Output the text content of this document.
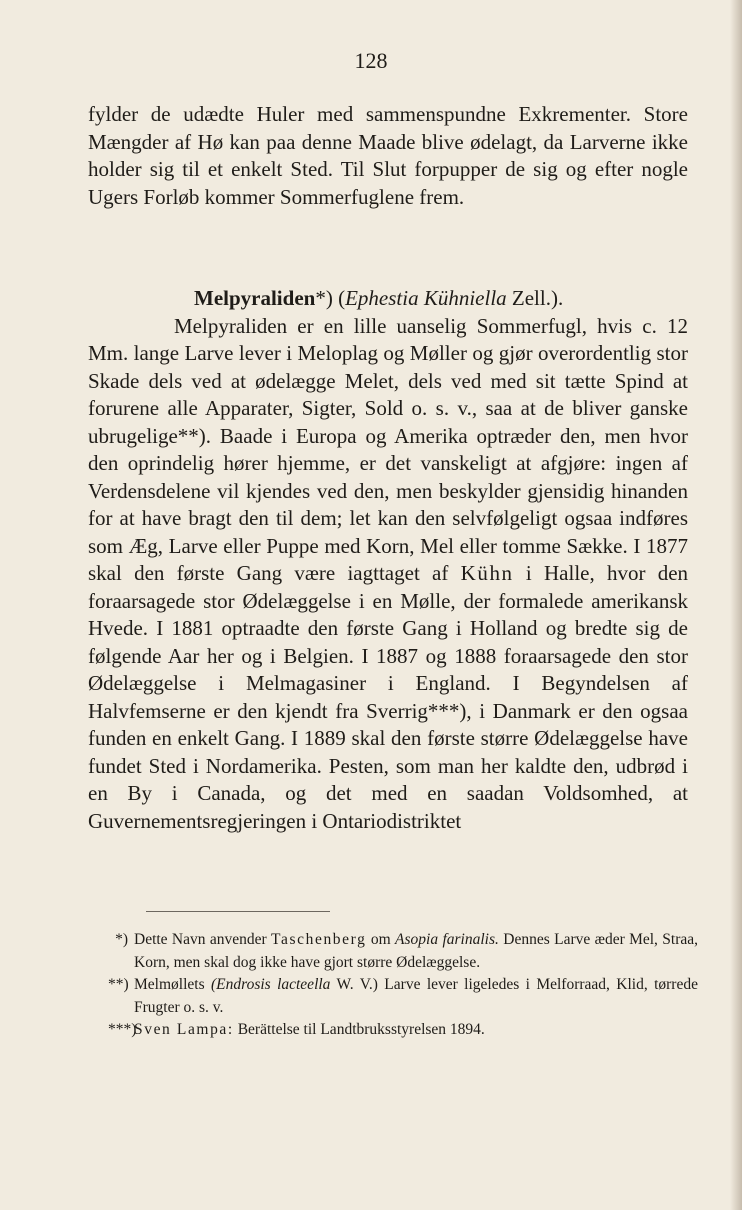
128
fylder de udædte Huler med sammenspundne Exkrementer. Store Mængder af Hø kan paa denne Maade blive ødelagt, da Larverne ikke holder sig til et enkelt Sted. Til Slut forpupper de sig og efter nogle Ugers Forløb kommer Sommerfuglene frem.
Melpyraliden*) (Ephestia Kühniella Zell.).
Melpyraliden er en lille uanselig Sommerfugl, hvis c. 12 Mm. lange Larve lever i Meloplag og Møller og gjør overordentlig stor Skade dels ved at ødelægge Melet, dels ved med sit tætte Spind at forurene alle Apparater, Sigter, Sold o. s. v., saa at de bliver ganske ubrugelige**). Baade i Europa og Amerika optræder den, men hvor den oprindelig hører hjemme, er det vanskeligt at afgjøre: ingen af Verdensdelene vil kjendes ved den, men beskylder gjensidig hinanden for at have bragt den til dem; let kan den selvfølgeligt ogsaa indføres som Æg, Larve eller Puppe med Korn, Mel eller tomme Sække. I 1877 skal den første Gang være iagttaget af Kühn i Halle, hvor den foraarsagede stor Ødelæggelse i en Mølle, der formalede amerikansk Hvede. I 1881 optraadte den første Gang i Holland og bredte sig de følgende Aar her og i Belgien. I 1887 og 1888 foraarsagede den stor Ødelæggelse i Melmagasiner i England. I Begyndelsen af Halvfemserne er den kjendt fra Sverrig***), i Danmark er den ogsaa funden en enkelt Gang. I 1889 skal den første større Ødelæggelse have fundet Sted i Nordamerika. Pesten, som man her kaldte den, udbrød i en By i Canada, og det med en saadan Voldsomhed, at Guvernementsregjeringen i Ontariodistriktet
*) Dette Navn anvender Taschenberg om Asopia farinalis. Dennes Larve æder Mel, Straa, Korn, men skal dog ikke have gjort større Ødelæggelse.
**) Melmøllets (Endrosis lacteella W. V.) Larve lever ligeledes i Melforraad, Klid, tørrede Frugter o. s. v.
***)
Sven Lampa: Berättelse til Landtbruksstyrelsen 1894.
